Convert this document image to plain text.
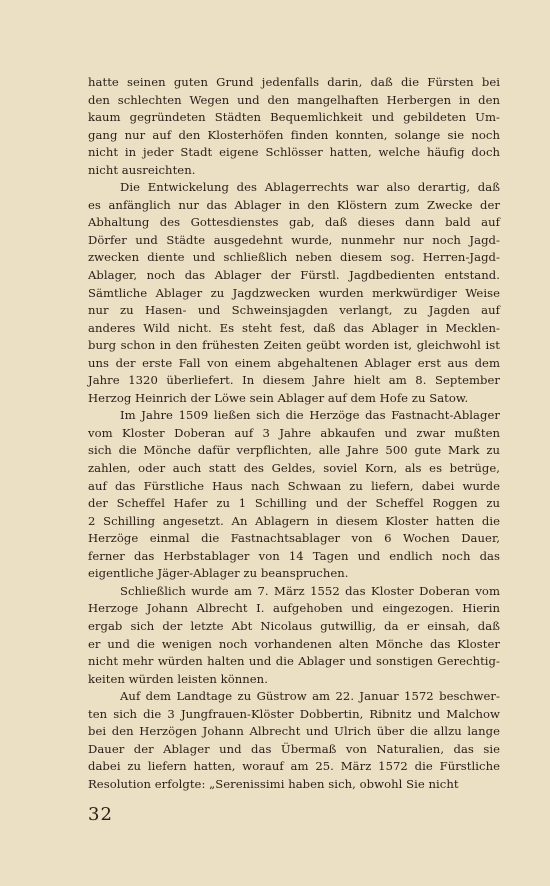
hatte seinen guten Grund jedenfalls darin, daß die Fürsten bei
den schlechten Wegen und den mangelhaften Herbergen in den
kaum gegründeten Städten Bequemlichkeit und gebildeten Um-
gang nur auf den Klosterhöfen finden konnten, solange sie noch
nicht in jeder Stadt eigene Schlösser hatten, welche häufig doch
nicht ausreichten.

Die Entwickelung des Ablagerrechts war also derartig, daß
es anfänglich nur das Ablager in den Klöstern zum Zwecke der
Abhaltung des Gottesdienstes gab, daß dieses dann bald auf
Dörfer und Städte ausgedehnt wurde, nunmehr nur noch Jagd-
zwecken diente und schließlich neben diesem sog. Herren-Jagd-
Ablager, noch das Ablager der Fürstl. Jagdbedienten entstand.
Sämtliche Ablager zu Jagdzwecken wurden merkwürdiger Weise
nur zu Hasen- und Schweinsjagden verlangt, zu Jagden auf
anderes Wild nicht. Es steht fest, daß das Ablager in Mecklen-
burg schon in den frühesten Zeiten geübt worden ist, gleichwohl ist
uns der erste Fall von einem abgehaltenen Ablager erst aus dem
Jahre 1320 überliefert. In diesem Jahre hielt am 8. September
Herzog Heinrich der Löwe sein Ablager auf dem Hofe zu Satow.

Im Jahre 1509 ließen sich die Herzöge das Fastnacht-Ablager
vom Kloster Doberan auf 3 Jahre abkaufen und zwar mußten
sich die Mönche dafür verpflichten, alle Jahre 500 gute Mark zu
zahlen, oder auch statt des Geldes, soviel Korn, als es betrüge,
auf das Fürstliche Haus nach Schwaan zu liefern, dabei wurde
der Scheffel Hafer zu 1 Schilling und der Scheffel Roggen zu
2 Schilling angesetzt. An Ablagern in diesem Kloster hatten die
Herzöge einmal die Fastnachtsablager von 6 Wochen Dauer,
ferner das Herbstablager von 14 Tagen und endlich noch das
eigentliche Jäger-Ablager zu beanspruchen.

Schließlich wurde am 7. März 1552 das Kloster Doberan vom
Herzoge Johann Albrecht I. aufgehoben und eingezogen. Hierin
ergab sich der letzte Abt Nicolaus gutwillig, da er einsah, daß
er und die wenigen noch vorhandenen alten Mönche das Kloster
nicht mehr würden halten und die Ablager und sonstigen Gerechtig-
keiten würden leisten können.

Auf dem Landtage zu Güstrow am 22. Januar 1572 beschwer-
ten sich die 3 Jungfrauen-Klöster Dobbertin, Ribnitz und Malchow
bei den Herzögen Johann Albrecht und Ulrich über die allzu lange
Dauer der Ablager und das Übermaß von Naturalien, das sie
dabei zu liefern hatten, worauf am 25. März 1572 die Fürstliche
Resolution erfolgte: „Serenissimi haben sich, obwohl Sie nicht

32
